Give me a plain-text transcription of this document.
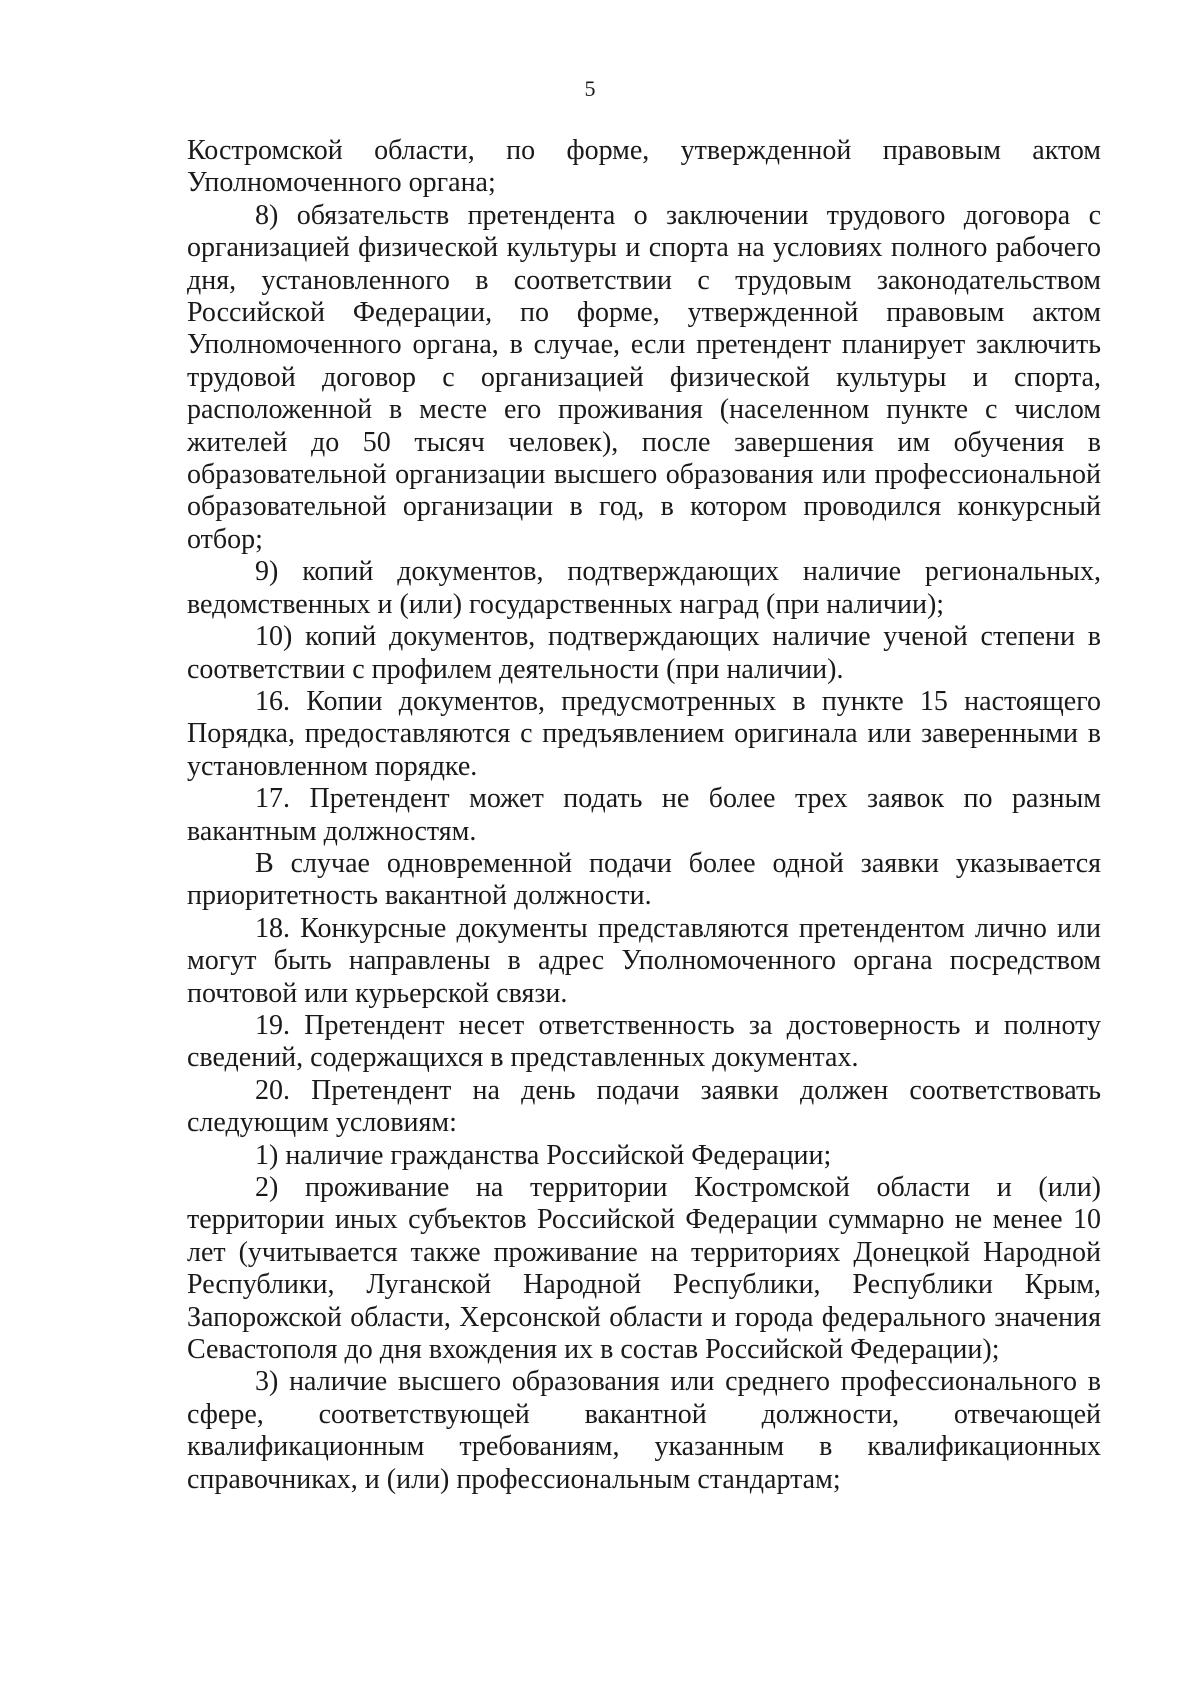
5

Костромской области, по форме, утвержденной правовым актом Уполномоченного органа;

8) обязательств претендента о заключении трудового договора с организацией физической культуры и спорта на условиях полного рабочего дня, установленного в соответствии с трудовым законодательством Российской Федерации, по форме, утвержденной правовым актом Уполномоченного органа, в случае, если претендент планирует заключить трудовой договор с организацией физической культуры и спорта, расположенной в месте его проживания (населенном пункте с числом жителей до 50 тысяч человек), после завершения им обучения в образовательной организации высшего образования или профессиональной образовательной организации в год, в котором проводился конкурсный отбор;

9) копий документов, подтверждающих наличие региональных, ведомственных и (или) государственных наград (при наличии);

10) копий документов, подтверждающих наличие ученой степени в соответствии с профилем деятельности (при наличии).

16. Копии документов, предусмотренных в пункте 15 настоящего Порядка, предоставляются с предъявлением оригинала или заверенными в установленном порядке.

17. Претендент может подать не более трех заявок по разным вакантным должностям.

В случае одновременной подачи более одной заявки указывается приоритетность вакантной должности.

18. Конкурсные документы представляются претендентом лично или могут быть направлены в адрес Уполномоченного органа посредством почтовой или курьерской связи.

19. Претендент несет ответственность за достоверность и полноту сведений, содержащихся в представленных документах.

20. Претендент на день подачи заявки должен соответствовать следующим условиям:

1) наличие гражданства Российской Федерации;

2) проживание на территории Костромской области и (или) территории иных субъектов Российской Федерации суммарно не менее 10 лет (учитывается также проживание на территориях Донецкой Народной Республики, Луганской Народной Республики, Республики Крым, Запорожской области, Херсонской области и города федерального значения Севастополя до дня вхождения их в состав Российской Федерации);

3) наличие высшего образования или среднего профессионального в сфере, соответствующей вакантной должности, отвечающей квалификационным требованиям, указанным в квалификационных справочниках, и (или) профессиональным стандартам;
